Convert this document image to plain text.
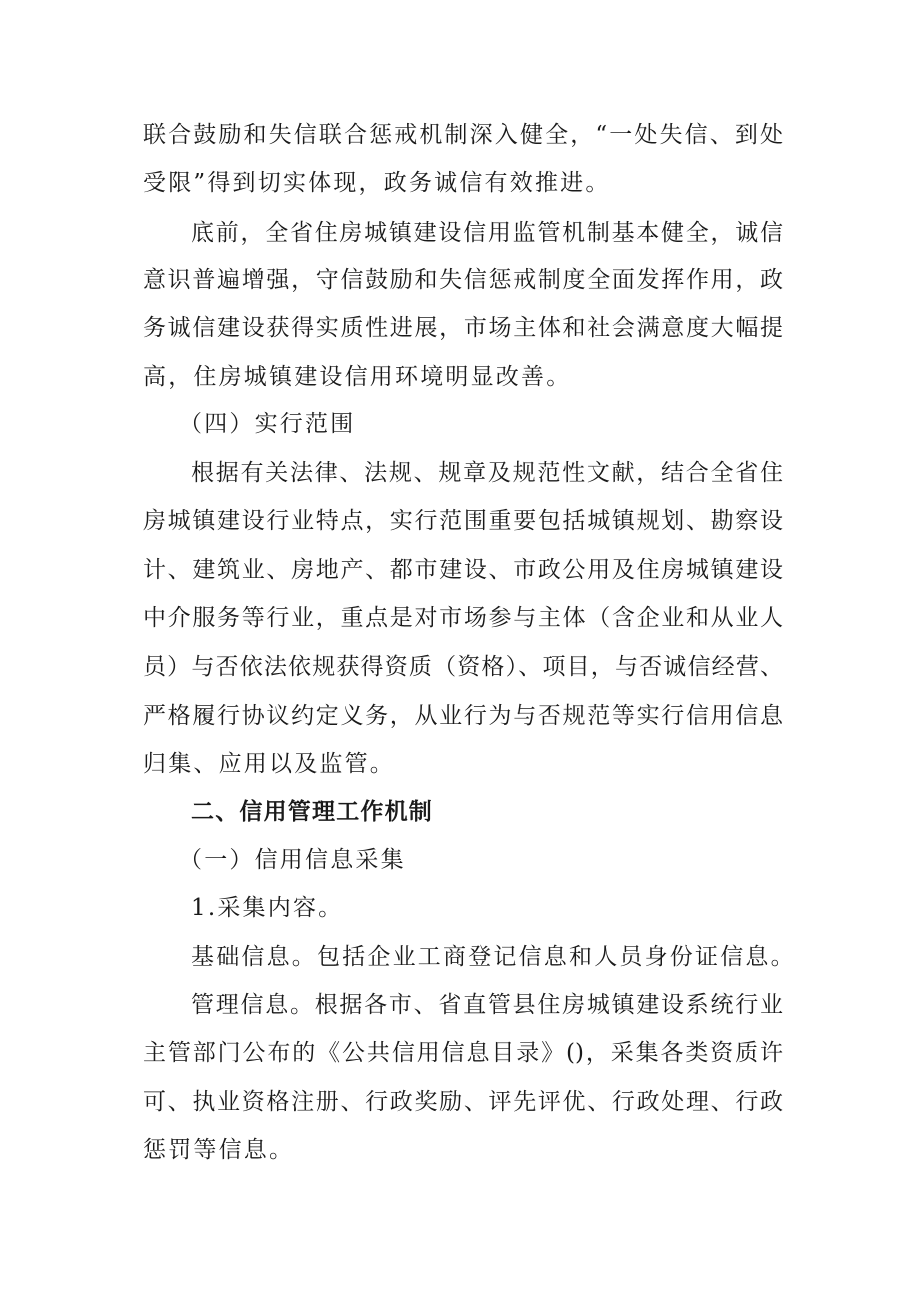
联合鼓励和失信联合惩戒机制深入健全，“一处失信、到处
受限”得到切实体现，政务诚信有效推进。
底前，全省住房城镇建设信用监管机制基本健全，诚信
意识普遍增强，守信鼓励和失信惩戒制度全面发挥作用，政
务诚信建设获得实质性进展，市场主体和社会满意度大幅提
高，住房城镇建设信用环境明显改善。
（四）实行范围
根据有关法律、法规、规章及规范性文献，结合全省住
房城镇建设行业特点，实行范围重要包括城镇规划、勘察设
计、建筑业、房地产、都市建设、市政公用及住房城镇建设
中介服务等行业，重点是对市场参与主体（含企业和从业人
员）与否依法依规获得资质（资格）、项目，与否诚信经营、
严格履行协议约定义务，从业行为与否规范等实行信用信息
归集、应用以及监管。
二、信用管理工作机制
（一）信用信息采集
1.采集内容。
基础信息。包括企业工商登记信息和人员身份证信息。
管理信息。根据各市、省直管县住房城镇建设系统行业
主管部门公布的《公共信用信息目录》()，采集各类资质许
可、执业资格注册、行政奖励、评先评优、行政处理、行政
惩罚等信息。
